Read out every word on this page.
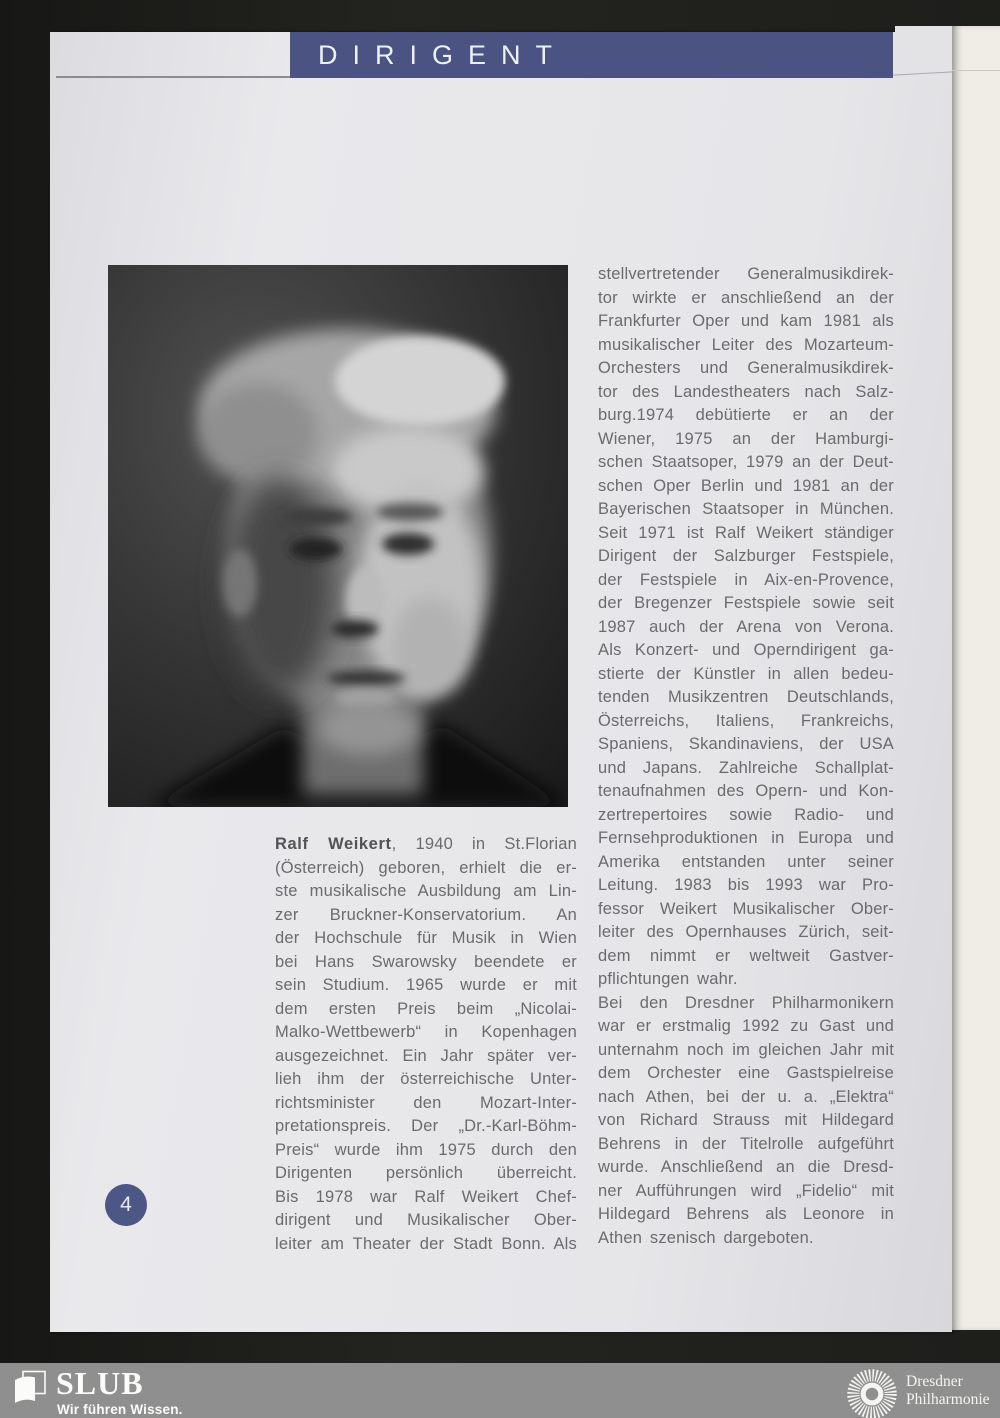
DIRIGENT
Ralf Weikert, 1940 in St.Florian
(Österreich) geboren, erhielt die er-
ste musikalische Ausbildung am Lin-
zer Bruckner-Konservatorium. An
der Hochschule für Musik in Wien
bei Hans Swarowsky beendete er
sein Studium. 1965 wurde er mit
dem ersten Preis beim „Nicolai-
Malko-Wettbewerb“ in Kopenhagen
ausgezeichnet. Ein Jahr später ver-
lieh ihm der österreichische Unter-
richtsminister den Mozart-Inter-
pretationspreis. Der „Dr.-Karl-Böhm-
Preis“ wurde ihm 1975 durch den
Dirigenten persönlich überreicht.
Bis 1978 war Ralf Weikert Chef-
dirigent und Musikalischer Ober-
leiter am Theater der Stadt Bonn. Als
stellvertretender Generalmusikdirek-
tor wirkte er anschließend an der
Frankfurter Oper und kam 1981 als
musikalischer Leiter des Mozarteum-
Orchesters und Generalmusikdirek-
tor des Landestheaters nach Salz-
burg.1974 debütierte er an der
Wiener, 1975 an der Hamburgi-
schen Staatsoper, 1979 an der Deut-
schen Oper Berlin und 1981 an der
Bayerischen Staatsoper in München.
Seit 1971 ist Ralf Weikert ständiger
Dirigent der Salzburger Festspiele,
der Festspiele in Aix-en-Provence,
der Bregenzer Festspiele sowie seit
1987 auch der Arena von Verona.
Als Konzert- und Operndirigent ga-
stierte der Künstler in allen bedeu-
tenden Musikzentren Deutschlands,
Österreichs, Italiens, Frankreichs,
Spaniens, Skandinaviens, der USA
und Japans. Zahlreiche Schallplat-
tenaufnahmen des Opern- und Kon-
zertrepertoires sowie Radio- und
Fernsehproduktionen in Europa und
Amerika entstanden unter seiner
Leitung. 1983 bis 1993 war Pro-
fessor Weikert Musikalischer Ober-
leiter des Opernhauses Zürich, seit-
dem nimmt er weltweit Gastver-
pflichtungen wahr.
Bei den Dresdner Philharmonikern
war er erstmalig 1992 zu Gast und
unternahm noch im gleichen Jahr mit
dem Orchester eine Gastspielreise
nach Athen, bei der u. a. „Elektra“
von Richard Strauss mit Hildegard
Behrens in der Titelrolle aufgeführt
wurde. Anschließend an die Dresd-
ner Aufführungen wird „Fidelio“ mit
Hildegard Behrens als Leonore in
Athen szenisch dargeboten.
4
SLUB
Wir führen Wissen.
Dresdner
Philharmonie
